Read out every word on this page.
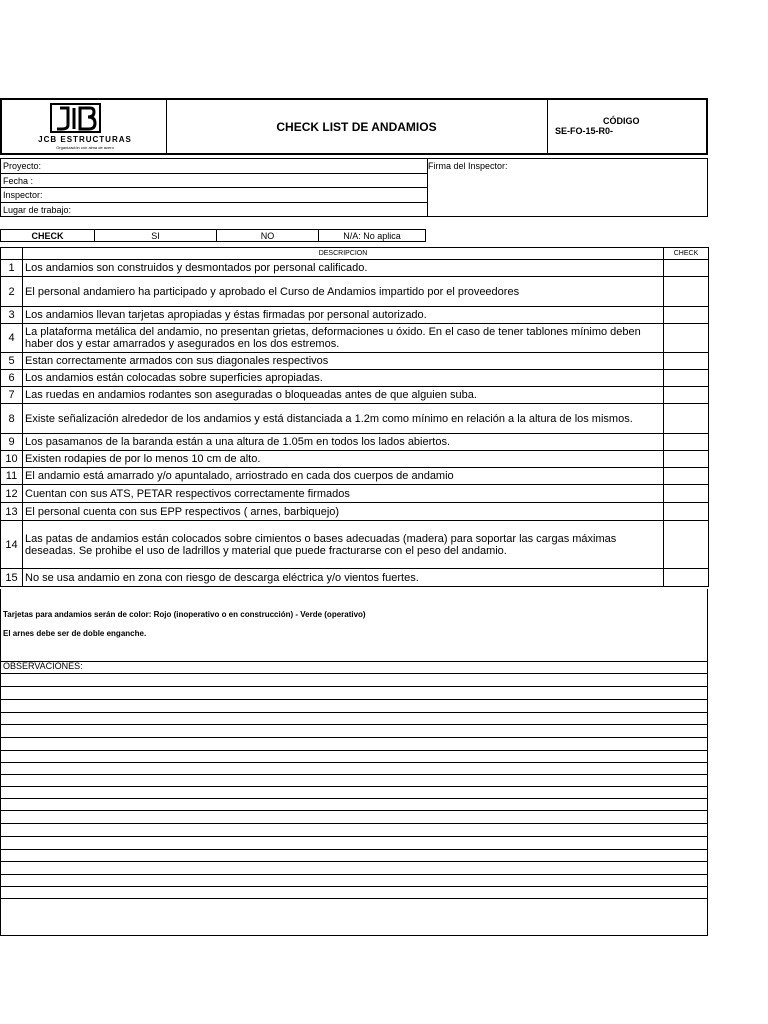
JCB ESTRUCTURAS
Organización con alma de acero
CHECK LIST DE ANDAMIOS	CÓDIGO
SE-FO-15-R0-
Proyecto:
Fecha :
Inspector:
Lugar de trabajo:
Firma del Inspector:
CHECK	SI	NO	N/A: No aplica
	DESCRIPCION	CHECK
1	Los andamios son construidos y desmontados por personal calificado.	
2	El personal andamiero ha participado y aprobado el Curso de Andamios impartido por el proveedores	
3	Los andamios llevan tarjetas apropiadas y éstas firmadas por personal autorizado.	
4	La plataforma metálica del andamio, no presentan grietas, deformaciones u óxido. En el caso de tener tablones mínimo deben haber dos y estar amarrados y asegurados en los dos estremos.	
5	Estan correctamente armados con sus diagonales respectivos	
6	Los andamios están colocadas sobre superficies apropiadas.	
7	Las ruedas en andamios rodantes son aseguradas o bloqueadas antes de que alguien suba.	
8	Existe señalización alrededor de los andamios y está distanciada a 1.2m como mínimo en relación a la altura de los mismos.	
9	Los pasamanos de la baranda están a una altura de 1.05m en todos los lados abiertos.	
10	Existen rodapies de por lo menos 10 cm de alto.	
11	El andamio está amarrado y/o apuntalado, arriostrado en cada dos cuerpos de andamio	
12	Cuentan con sus ATS, PETAR respectivos correctamente firmados	
13	El personal cuenta con sus EPP respectivos ( arnes, barbiquejo)	
14	Las patas de andamios están colocados sobre cimientos o bases adecuadas (madera) para soportar las cargas máximas deseadas. Se prohibe el uso de ladrillos y material que puede fracturarse con el peso del andamio.	
15	No se usa andamio en zona con riesgo de descarga eléctrica y/o vientos fuertes.	
Tarjetas para andamios serán de color: Rojo (inoperativo o en construcción) - Verde (operativo)
El arnes debe ser de doble enganche.
OBSERVACIONES:
